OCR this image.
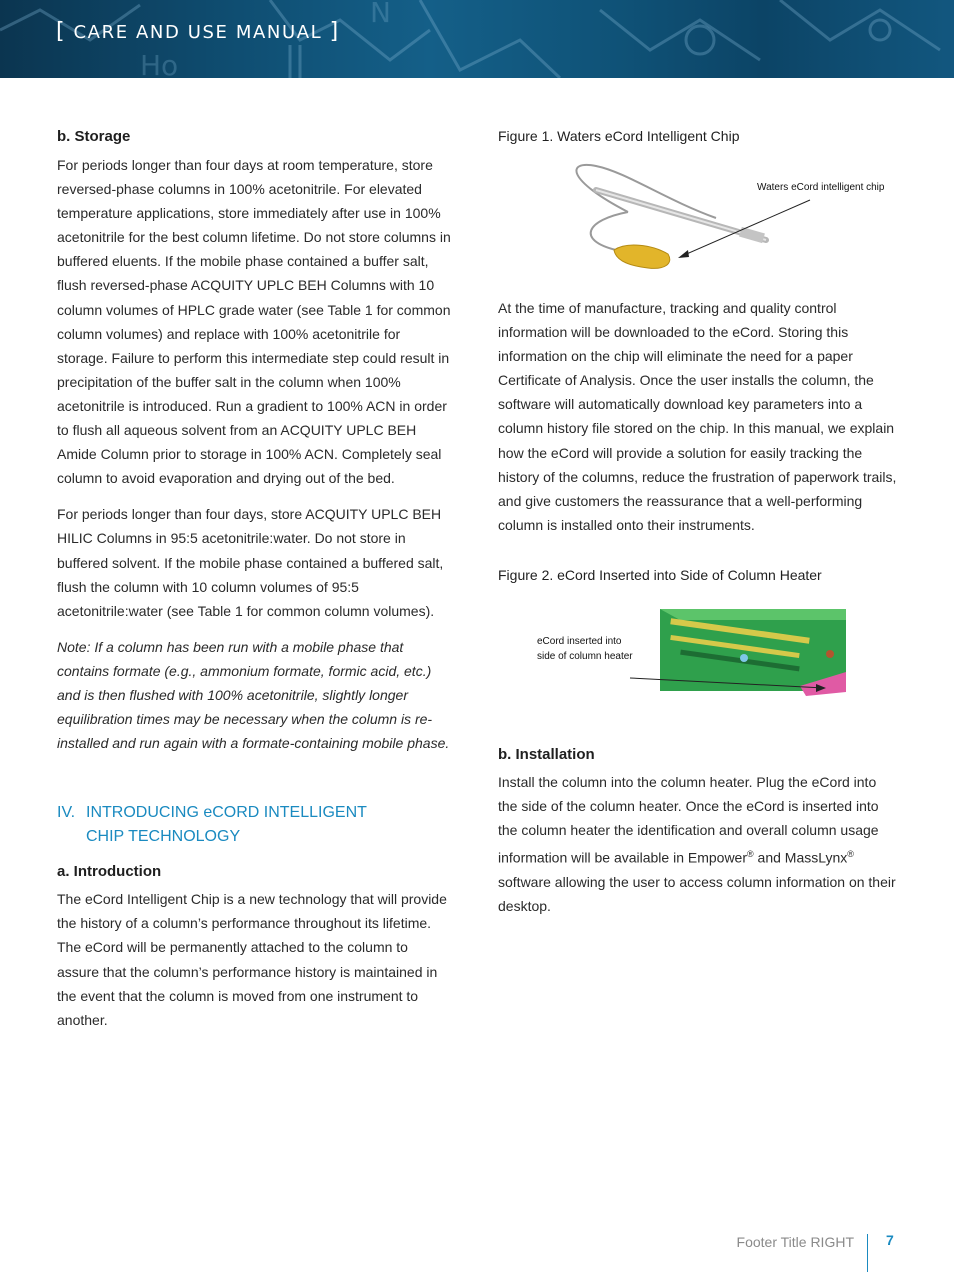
Ho
N
[ CARE AND USE MANUAL ]
b. Storage

For periods longer than four days at room temperature, store reversed-phase columns in 100% acetonitrile. For elevated temperature applications, store immediately after use in 100% acetonitrile for the best column lifetime. Do not store columns in buffered eluents. If the mobile phase contained a buffer salt, flush reversed-phase ACQUITY UPLC BEH Columns with 10 column volumes of HPLC grade water (see Table 1 for common column volumes) and replace with 100% acetonitrile for storage. Failure to perform this intermediate step could result in precipitation of the buffer salt in the column when 100% acetonitrile is introduced. Run a gradient to 100% ACN in order to flush all aqueous solvent from an ACQUITY UPLC BEH Amide Column prior to storage in 100% ACN. Completely seal column to avoid evaporation and drying out of the bed.

For periods longer than four days, store ACQUITY UPLC BEH HILIC Columns in 95:5 acetonitrile:water. Do not store in buffered solvent. If the mobile phase contained a buffered salt, flush the column with 10 column volumes of 95:5 acetonitrile:water (see Table 1 for common column volumes).

Note: If a column has been run with a mobile phase that contains formate (e.g., ammonium formate, formic acid, etc.) and is then flushed with 100% acetonitrile, slightly longer equilibration times may be necessary when the column is re-installed and run again with a formate-containing mobile phase.

IV. INTRODUCING eCORD INTELLIGENT
CHIP TECHNOLOGY
a. Introduction

The eCord Intelligent Chip is a new technology that will provide the history of a column’s performance throughout its lifetime. The eCord will be permanently attached to the column to assure that the column’s performance history is maintained in the event that the column is moved from one instrument to another.

Figure 1. Waters eCord Intelligent Chip
Waters eCord intelligent chip

At the time of manufacture, tracking and quality control information will be downloaded to the eCord. Storing this information on the chip will eliminate the need for a paper Certificate of Analysis. Once the user installs the column, the software will automatically download key parameters into a column history file stored on the chip. In this manual, we explain how the eCord will provide a solution for easily tracking the history of the columns, reduce the frustration of paperwork trails, and give customers the reassurance that a well-performing column is installed onto their instruments.

Figure 2. eCord Inserted into Side of Column Heater
eCord inserted into
side of column heater
b. Installation

Install the column into the column heater. Plug the eCord into the side of the column heater. Once the eCord is inserted into the column heater the identification and overall column usage information will be available in Empower® and MassLynx® software allowing the user to access column information on their desktop.

Footer Title RIGHT 7
